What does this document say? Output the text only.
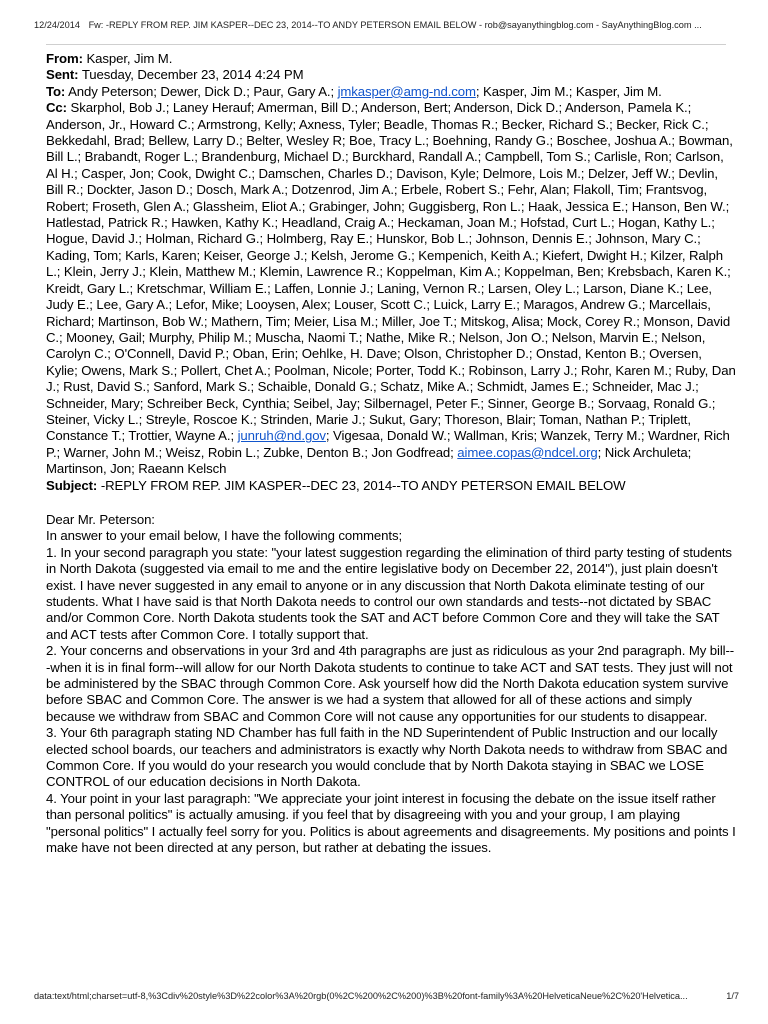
12/24/2014 Fw: -REPLY FROM REP. JIM KASPER--DEC 23, 2014--TO ANDY PETERSON EMAIL BELOW - rob@sayanythingblog.com - SayAnythingBlog.com ...

From: Kasper, Jim M.

Sent: Tuesday, December 23, 2014 4:24 PM

To: Andy Peterson; Dewer, Dick D.; Paur, Gary A.; jmkasper@amg-nd.com; Kasper, Jim M.; Kasper, Jim M.

Cc: Skarphol, Bob J.; Laney Herauf; Amerman, Bill D.; Anderson, Bert; Anderson, Dick D.; Anderson, Pamela K.; Anderson, Jr., Howard C.; Armstrong, Kelly; Axness, Tyler; Beadle, Thomas R.; Becker, Richard S.; Becker, Rick C.; Bekkedahl, Brad; Bellew, Larry D.; Belter, Wesley R; Boe, Tracy L.; Boehning, Randy G.; Boschee, Joshua A.; Bowman, Bill L.; Brabandt, Roger L.; Brandenburg, Michael D.; Burckhard, Randall A.; Campbell, Tom S.; Carlisle, Ron; Carlson, Al H.; Casper, Jon; Cook, Dwight C.; Damschen, Charles D.; Davison, Kyle; Delmore, Lois M.; Delzer, Jeff W.; Devlin, Bill R.; Dockter, Jason D.; Dosch, Mark A.; Dotzenrod, Jim A.; Erbele, Robert S.; Fehr, Alan; Flakoll, Tim; Frantsvog, Robert; Froseth, Glen A.; Glassheim, Eliot A.; Grabinger, John; Guggisberg, Ron L.; Haak, Jessica E.; Hanson, Ben W.; Hatlestad, Patrick R.; Hawken, Kathy K.; Headland, Craig A.; Heckaman, Joan M.; Hofstad, Curt L.; Hogan, Kathy L.; Hogue, David J.; Holman, Richard G.; Holmberg, Ray E.; Hunskor, Bob L.; Johnson, Dennis E.; Johnson, Mary C.; Kading, Tom; Karls, Karen; Keiser, George J.; Kelsh, Jerome G.; Kempenich, Keith A.; Kiefert, Dwight H.; Kilzer, Ralph L.; Klein, Jerry J.; Klein, Matthew M.; Klemin, Lawrence R.; Koppelman, Kim A.; Koppelman, Ben; Krebsbach, Karen K.; Kreidt, Gary L.; Kretschmar, William E.; Laffen, Lonnie J.; Laning, Vernon R.; Larsen, Oley L.; Larson, Diane K.; Lee, Judy E.; Lee, Gary A.; Lefor, Mike; Looysen, Alex; Louser, Scott C.; Luick, Larry E.; Maragos, Andrew G.; Marcellais, Richard; Martinson, Bob W.; Mathern, Tim; Meier, Lisa M.; Miller, Joe T.; Mitskog, Alisa; Mock, Corey R.; Monson, David C.; Mooney, Gail; Murphy, Philip M.; Muscha, Naomi T.; Nathe, Mike R.; Nelson, Jon O.; Nelson, Marvin E.; Nelson, Carolyn C.; O'Connell, David P.; Oban, Erin; Oehlke, H. Dave; Olson, Christopher D.; Onstad, Kenton B.; Oversen, Kylie; Owens, Mark S.; Pollert, Chet A.; Poolman, Nicole; Porter, Todd K.; Robinson, Larry J.; Rohr, Karen M.; Ruby, Dan J.; Rust, David S.; Sanford, Mark S.; Schaible, Donald G.; Schatz, Mike A.; Schmidt, James E.; Schneider, Mac J.; Schneider, Mary; Schreiber Beck, Cynthia; Seibel, Jay; Silbernagel, Peter F.; Sinner, George B.; Sorvaag, Ronald G.; Steiner, Vicky L.; Streyle, Roscoe K.; Strinden, Marie J.; Sukut, Gary; Thoreson, Blair; Toman, Nathan P.; Triplett, Constance T.; Trottier, Wayne A.; junruh@nd.gov; Vigesaa, Donald W.; Wallman, Kris; Wanzek, Terry M.; Wardner, Rich P.; Warner, John M.; Weisz, Robin L.; Zubke, Denton B.; Jon Godfread; aimee.copas@ndcel.org; Nick Archuleta; Martinson, Jon; Raeann Kelsch

Subject: -REPLY FROM REP. JIM KASPER--DEC 23, 2014--TO ANDY PETERSON EMAIL BELOW

Dear Mr. Peterson:

In answer to your email below, I have the following comments;

1. In your second paragraph you state: "your latest suggestion regarding the elimination of third party testing of students in North Dakota (suggested via email to me and the entire legislative body on December 22, 2014"), just plain doesn't exist. I have never suggested in any email to anyone or in any discussion that North Dakota eliminate testing of our students. What I have said is that North Dakota needs to control our own standards and tests--not dictated by SBAC and/or Common Core. North Dakota students took the SAT and ACT before Common Core and they will take the SAT and ACT tests after Common Core. I totally support that.

2. Your concerns and observations in your 3rd and 4th paragraphs are just as ridiculous as your 2nd paragraph. My bill---when it is in final form--will allow for our North Dakota students to continue to take ACT and SAT tests. They just will not be administered by the SBAC through Common Core. Ask yourself how did the North Dakota education system survive before SBAC and Common Core. The answer is we had a system that allowed for all of these actions and simply because we withdraw from SBAC and Common Core will not cause any opportunities for our students to disappear.

3. Your 6th paragraph stating ND Chamber has full faith in the ND Superintendent of Public Instruction and our locally elected school boards, our teachers and administrators is exactly why North Dakota needs to withdraw from SBAC and Common Core. If you would do your research you would conclude that by North Dakota staying in SBAC we LOSE CONTROL of our education decisions in North Dakota.

4. Your point in your last paragraph: "We appreciate your joint interest in focusing the debate on the issue itself rather than personal politics" is actually amusing. if you feel that by disagreeing with you and your group, I am playing "personal politics" I actually feel sorry for you. Politics is about agreements and disagreements. My positions and points I make have not been directed at any person, but rather at debating the issues.

data:text/html;charset=utf-8,%3Cdiv%20style%3D%22color%3A%20rgb(0%2C%200%2C%200)%3B%20font-family%3A%20HelveticaNeue%2C%20'Helvetica...	1/7
